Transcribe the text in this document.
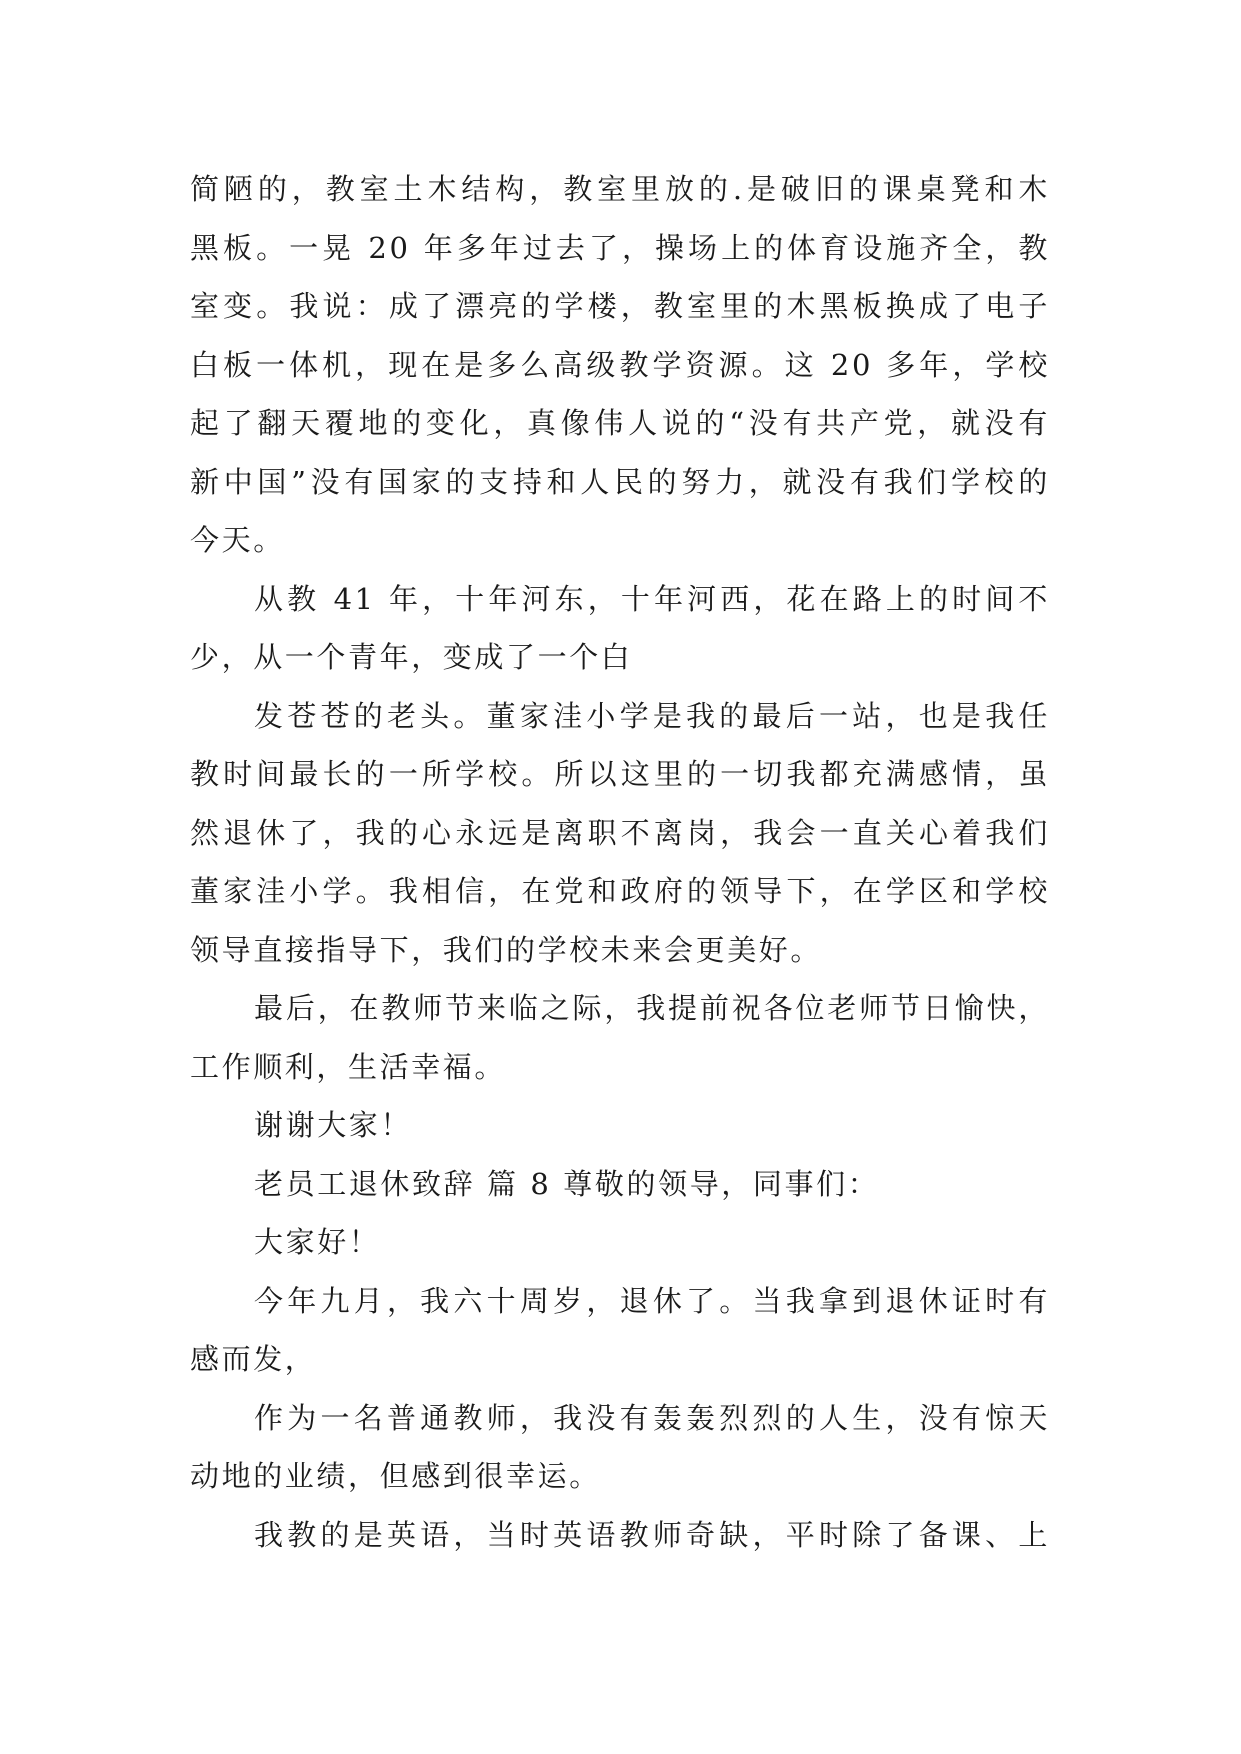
简陋的，教室土木结构，教室里放的.是破旧的课桌凳和木
黑板。一晃 20 年多年过去了，操场上的体育设施齐全，教
室变。我说：成了漂亮的学楼，教室里的木黑板换成了电子
白板一体机，现在是多么高级教学资源。这 20 多年，学校
起了翻天覆地的变化，真像伟人说的“没有共产党，就没有
新中国”没有国家的支持和人民的努力，就没有我们学校的
今天。
从教 41 年，十年河东，十年河西，花在路上的时间不
少，从一个青年，变成了一个白
发苍苍的老头。董家洼小学是我的最后一站，也是我任
教时间最长的一所学校。所以这里的一切我都充满感情，虽
然退休了，我的心永远是离职不离岗，我会一直关心着我们
董家洼小学。我相信，在党和政府的领导下，在学区和学校
领导直接指导下，我们的学校未来会更美好。
最后，在教师节来临之际，我提前祝各位老师节日愉快，
工作顺利，生活幸福。
谢谢大家！
老员工退休致辞 篇 8 尊敬的领导，同事们：
大家好！
今年九月，我六十周岁，退休了。当我拿到退休证时有
感而发，
作为一名普通教师，我没有轰轰烈烈的人生，没有惊天
动地的业绩，但感到很幸运。
我教的是英语，当时英语教师奇缺，平时除了备课、上
